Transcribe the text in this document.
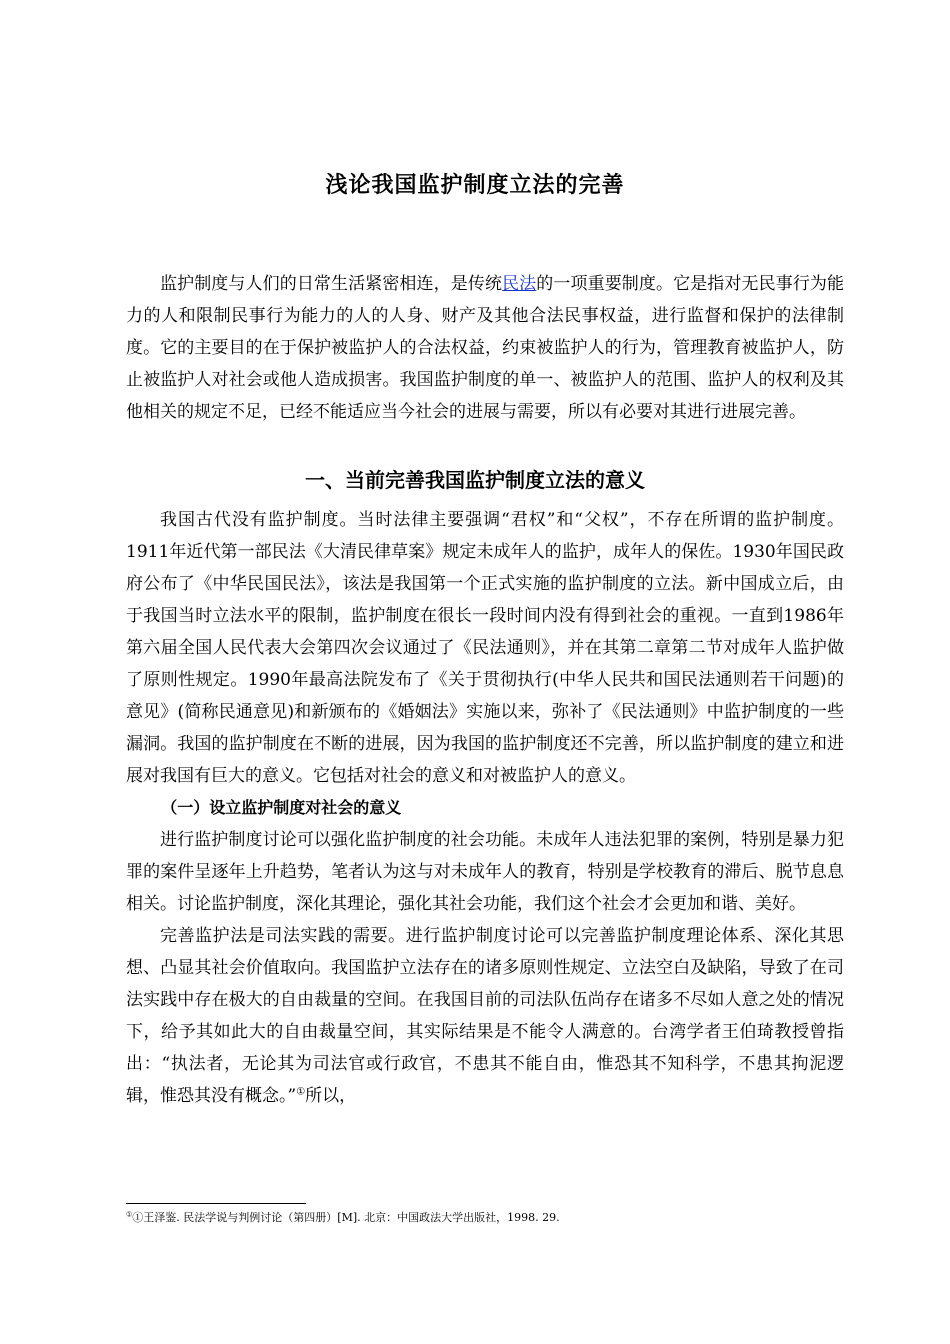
浅论我国监护制度立法的完善

监护制度与人们的日常生活紧密相连，是传统民法的一项重要制度。它是指对无民事行为能力的人和限制民事行为能力的人的人身、财产及其他合法民事权益，进行监督和保护的法律制度。它的主要目的在于保护被监护人的合法权益，约束被监护人的行为，管理教育被监护人，防止被监护人对社会或他人造成损害。我国监护制度的单一、被监护人的范围、监护人的权利及其他相关的规定不足，已经不能适应当今社会的进展与需要，所以有必要对其进行进展完善。

一、当前完善我国监护制度立法的意义

我国古代没有监护制度。当时法律主要强调“君权”和“父权”，不存在所谓的监护制度。1911年近代第一部民法《大清民律草案》规定未成年人的监护，成年人的保佐。1930年国民政府公布了《中华民国民法》，该法是我国第一个正式实施的监护制度的立法。新中国成立后，由于我国当时立法水平的限制，监护制度在很长一段时间内没有得到社会的重视。一直到1986年第六届全国人民代表大会第四次会议通过了《民法通则》，并在其第二章第二节对成年人监护做了原则性规定。1990年最高法院发布了《关于贯彻执行(中华人民共和国民法通则若干问题)的意见》(简称民通意见)和新颁布的《婚姻法》实施以来，弥补了《民法通则》中监护制度的一些漏洞。我国的监护制度在不断的进展，因为我国的监护制度还不完善，所以监护制度的建立和进展对我国有巨大的意义。它包括对社会的意义和对被监护人的意义。

（一）设立监护制度对社会的意义

进行监护制度讨论可以强化监护制度的社会功能。未成年人违法犯罪的案例，特别是暴力犯罪的案件呈逐年上升趋势，笔者认为这与对未成年人的教育，特别是学校教育的滞后、脱节息息相关。讨论监护制度，深化其理论，强化其社会功能，我们这个社会才会更加和谐、美好。

完善监护法是司法实践的需要。进行监护制度讨论可以完善监护制度理论体系、深化其思想、凸显其社会价值取向。我国监护立法存在的诸多原则性规定、立法空白及缺陷，导致了在司法实践中存在极大的自由裁量的空间。在我国目前的司法队伍尚存在诸多不尽如人意之处的情况下，给予其如此大的自由裁量空间，其实际结果是不能令人满意的。台湾学者王伯琦教授曾指出：“执法者，无论其为司法官或行政官，不患其不能自由，惟恐其不知科学，不患其拘泥逻辑，惟恐其没有概念。”①所以，

①①王泽鉴. 民法学说与判例讨论（第四册）[M]. 北京：中国政法大学出版社，1998. 29.
